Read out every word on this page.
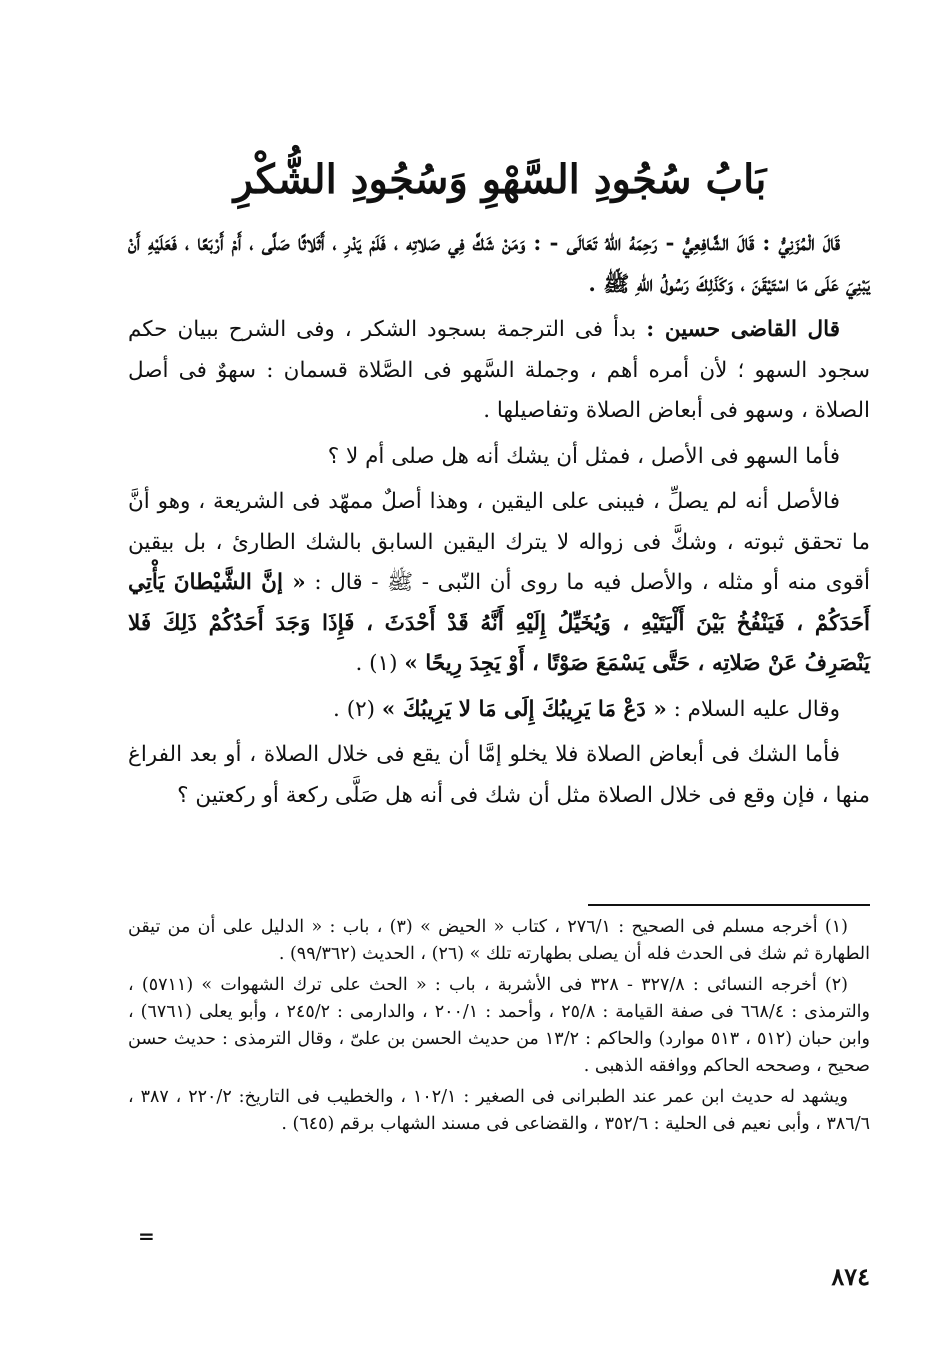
بَابُ سُجُودِ السَّهْوِ وَسُجُودِ الشُّكْرِ

قَالَ الْمُزَنِيُّ : قَالَ الشَّافِعِيُّ - رَحِمَهُ اللهُ تَعَالَى - : وَمَنْ شَكَّ فِي صَلاتِه ، فَلَمْ يَدْرِ ، أَثَلاثًا صَلَّى ، أَمْ أَرْبَعًا ، فَعَلَيْهِ أَنْ يَبْنِيَ عَلَى مَا اسْتَيْقَنَ ، وَكَذَلِكَ رَسُولُ اللهِ ﷺ .

قال القاضى حسين : بدأ فى الترجمة بسجود الشكر ، وفى الشرح ببيان حكم سجود السهو ؛ لأن أمره أهم ، وجملة السَّهو فى الصَّلاة قسمان : سهوٌ فى أصل الصلاة ، وسهو فى أبعاض الصلاة وتفاصيلها .

فأما السهو فى الأصل ، فمثل أن يشك أنه هل صلى أم لا ؟

فالأصل أنه لم يصلِّ ، فيبنى على اليقين ، وهذا أصلٌ ممهّد فى الشريعة ، وهو أنَّ ما تحقق ثبوته ، وشكَّ فى زواله لا يترك اليقين السابق بالشك الطارئ ، بل بيقين أقوى منه أو مثله ، والأصل فيه ما روى أن النّبى - ﷺ - قال : « إنَّ الشَّيْطانَ يَأْتِي أَحَدَكُمْ ، فَيَنْفُخُ بَيْنَ أَلْيَتَيْهِ ، وَيُخَيِّلُ إِلَيْهِ أَنَّهُ قَدْ أَحْدَثَ ، فَإِذَا وَجَدَ أَحَدُكُمْ ذَلِكَ فَلا يَنْصَرِفُ عَنْ صَلاتِه ، حَتَّى يَسْمَعَ صَوْتًا ، أَوْ يَجِدَ رِيحًا » (١) .

وقال عليه السلام : « دَعْ مَا يَرِيبُكَ إِلَى مَا لا يَرِيبُكَ » (٢) .

فأما الشك فى أبعاض الصلاة فلا يخلو إمَّا أن يقع فى خلال الصلاة ، أو بعد الفراغ منها ، فإن وقع فى خلال الصلاة مثل أن شك فى أنه هل صَلَّى ركعة أو ركعتين ؟

(١) أخرجه مسلم فى الصحيح : ٢٧٦/١ ، كتاب « الحيض » (٣) ، باب : « الدليل على أن من تيقن الطهارة ثم شك فى الحدث فله أن يصلى بطهارته تلك » (٢٦) ، الحديث (٩٩/٣٦٢) .

(٢) أخرجه النسائى : ٣٢٧/٨ - ٣٢٨ فى الأشربة ، باب : « الحث على ترك الشهوات » (٥٧١١) ، والترمذى : ٦٦٨/٤ فى صفة القيامة : ٢٥/٨ ، وأحمد : ٢٠٠/١ ، والدارمى : ٢٤٥/٢ ، وأبو يعلى (٦٧٦١) ، وابن حبان (٥١٢ ، ٥١٣ موارد) والحاكم : ١٣/٢ من حديث الحسن بن علىّ ، وقال الترمذى : حديث حسن صحيح ، وصححه الحاكم ووافقه الذهبى .

ويشهد له حديث ابن عمر عند الطبرانى فى الصغير : ١٠٢/١ ، والخطيب فى التاريخ: ٢٢٠/٢ ، ٣٨٧ ، ٣٨٦/٦ ، وأبى نعيم فى الحلية : ٣٥٢/٦ ، والقضاعى فى مسند الشهاب برقم (٦٤٥) .

=
٨٧٤
